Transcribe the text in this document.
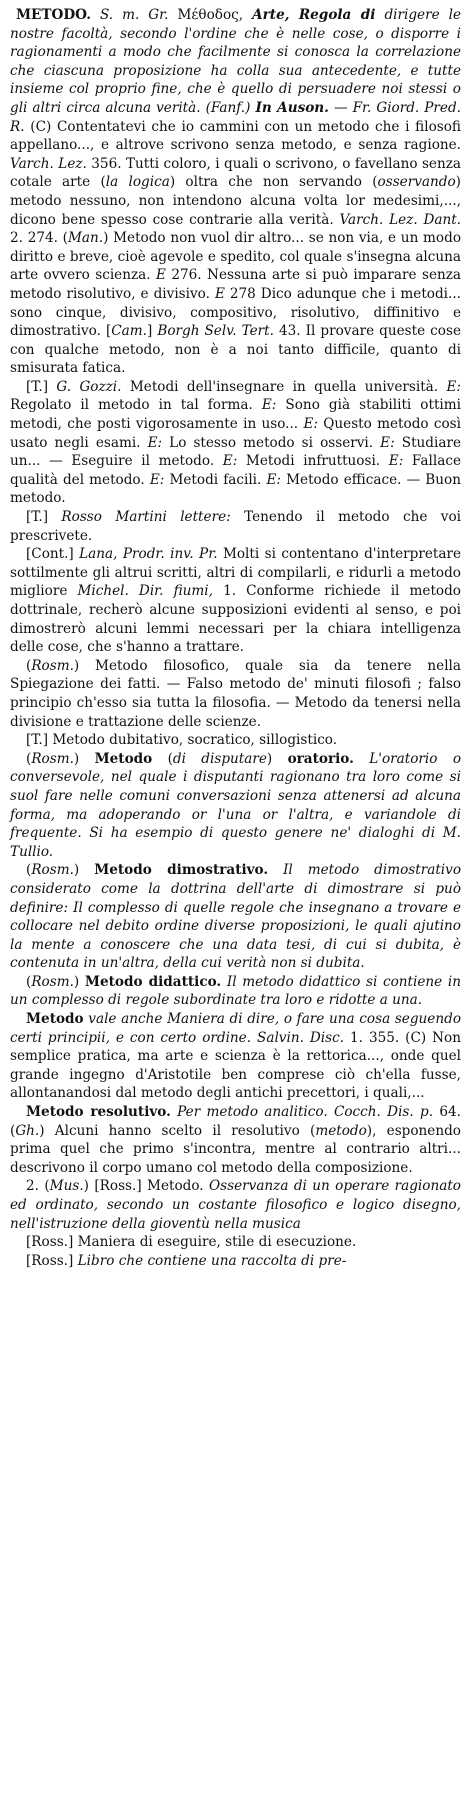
METODO. S. m. Gr. Μέθοδος, Arte, Regola di dirigere le nostre facoltà, secondo l'ordine che è nelle cose, o disporre i ragionamenti a modo che facilmente si conosca la correlazione che ciascuna proposizione ha colla sua antecedente, e tutte insieme col proprio fine, che è quello di persuadere noi stessi o gli altri circa alcuna verità. (Fanf.) In Auson. — Fr. Giord. Pred. R. (C) Contentatevi che io cammini con un metodo che i filosofi appellano..., e altrove scrivono senza metodo, e senza ragione. Varch. Lez. 356. Tutti coloro, i quali o scrivono, o favellano senza cotale arte (la logica) oltra che non servando (osservando) metodo nessuno, non intendono alcuna volta lor medesimi,..., dicono bene spesso cose contrarie alla verità. Varch. Lez. Dant. 2. 274. (Man.) Metodo non vuol dir altro... se non via, e un modo diritto e breve, cioè agevole e spedito, col quale s'insegna alcuna arte ovvero scienza. E 276. Nessuna arte si può imparare senza metodo risolutivo, e divisivo. E 278 Dico adunque che i metodi... sono cinque, divisivo, compositivo, risolutivo, diffinitivo e dimostrativo. [Cam.] Borgh Selv. Tert. 43. Il provare queste cose con qualche metodo, non è a noi tanto difficile, quanto di smisurata fatica.

[T.] G. Gozzi. Metodi dell'insegnare in quella università. E: Regolato il metodo in tal forma. E: Sono già stabiliti ottimi metodi, che posti vigorosamente in uso... E: Questo metodo così usato negli esami. E: Lo stesso metodo si osservi. E: Studiare un... — Eseguire il metodo. E: Metodi infruttuosi. E: Fallace qualità del metodo. E: Metodi facili. E: Metodo efficace. — Buon metodo.

[T.] Rosso Martini lettere: Tenendo il metodo che voi prescrivete.

[Cont.] Lana, Prodr. inv. Pr. Molti si contentano d'interpretare sottilmente gli altrui scritti, altri di compilarli, e ridurli a metodo migliore Michel. Dir. fiumi, 1. Conforme richiede il metodo dottrinale, recherò alcune supposizioni evidenti al senso, e poi dimostrerò alcuni lemmi necessari per la chiara intelligenza delle cose, che s'hanno a trattare.

(Rosm.) Metodo filosofico, quale sia da tenere nella Spiegazione dei fatti. — Falso metodo de' minuti filosofi ; falso principio ch'esso sia tutta la filosofia. — Metodo da tenersi nella divisione e trattazione delle scienze.

[T.] Metodo dubitativo, socratico, sillogistico.

(Rosm.) Metodo (di disputare) oratorio. L'oratorio o conversevole, nel quale i disputanti ragionano tra loro come si suol fare nelle comuni conversazioni senza attenersi ad alcuna forma, ma adoperando or l'una or l'altra, e variandole di frequente. Si ha esempio di questo genere ne' dialoghi di M. Tullio.

(Rosm.) Metodo dimostrativo. Il metodo dimostrativo considerato come la dottrina dell'arte di dimostrare si può definire: Il complesso di quelle regole che insegnano a trovare e collocare nel debito ordine diverse proposizioni, le quali ajutino la mente a conoscere che una data tesi, di cui si dubita, è contenuta in un'altra, della cui verità non si dubita.

(Rosm.) Metodo didattico. Il metodo didattico si contiene in un complesso di regole subordinate tra loro e ridotte a una.

Metodo vale anche Maniera di dire, o fare una cosa seguendo certi principii, e con certo ordine. Salvin. Disc. 1. 355. (C) Non semplice pratica, ma arte e scienza è la rettorica..., onde quel grande ingegno d'Aristotile ben comprese ciò ch'ella fusse, allontanandosi dal metodo degli antichi precettori, i quali,...

Metodo resolutivo. Per metodo analitico. Cocch. Dis. p. 64. (Gh.) Alcuni hanno scelto il resolutivo (metodo), esponendo prima quel che primo s'incontra, mentre al contrario altri... descrivono il corpo umano col metodo della composizione.

2. (Mus.) [Ross.] Metodo. Osservanza di un operare ragionato ed ordinato, secondo un costante filosofico e logico disegno, nell'istruzione della gioventù nella musica

[Ross.] Maniera di eseguire, stile di esecuzione.

[Ross.] Libro che contiene una raccolta di pre-
